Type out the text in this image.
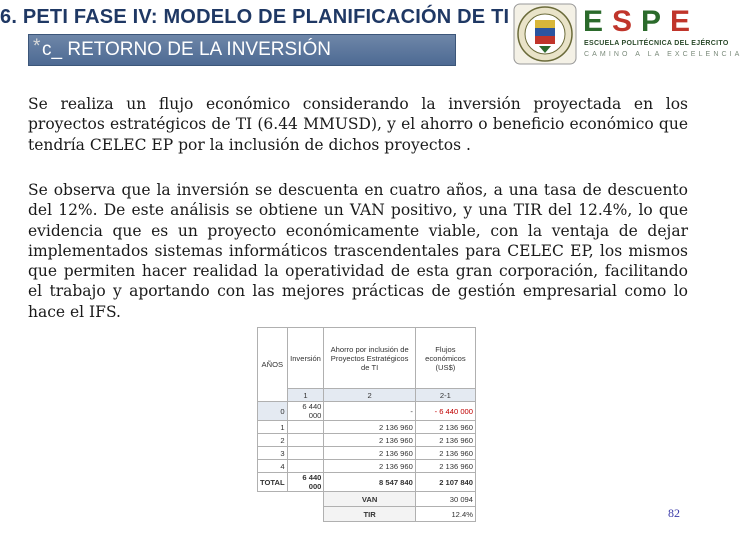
6. PETI FASE IV: MODELO DE PLANIFICACIÓN DE TI
* c_ RETORNO DE LA INVERSIÓN
ESPE
ESCUELA POLITÉCNICA DEL EJÉRCITO
CAMINO A LA EXCELENCIA

Se realiza un flujo económico considerando la inversión proyectada en los proyectos estratégicos de TI (6.44 MMUSD), y el ahorro o beneficio económico que tendría CELEC EP por la inclusión de dichos proyectos .

Se observa que la inversión se descuenta en cuatro años, a una tasa de descuento del 12%. De este análisis se obtiene un VAN positivo, y una TIR del 12.4%, lo que evidencia que es un proyecto económicamente viable, con la ventaja de dejar implementados sistemas informáticos trascendentales para CELEC EP, los mismos que permiten hacer realidad la operatividad de esta gran corporación, facilitando el trabajo y aportando con las mejores prácticas de gestión empresarial como lo hace el IFS.

AÑOS	Inversión	Ahorro por inclusión de Proyectos Estratégicos de TI	Flujos económicos (US$)
	1	2	2-1
0	6 440 000	-	- 6 440 000
1		2 136 960	2 136 960
2		2 136 960	2 136 960
3		2 136 960	2 136 960
4		2 136 960	2 136 960
TOTAL	6 440 000	8 547 840	2 107 840
		VAN	30 094
		TIR	12.4%	82
